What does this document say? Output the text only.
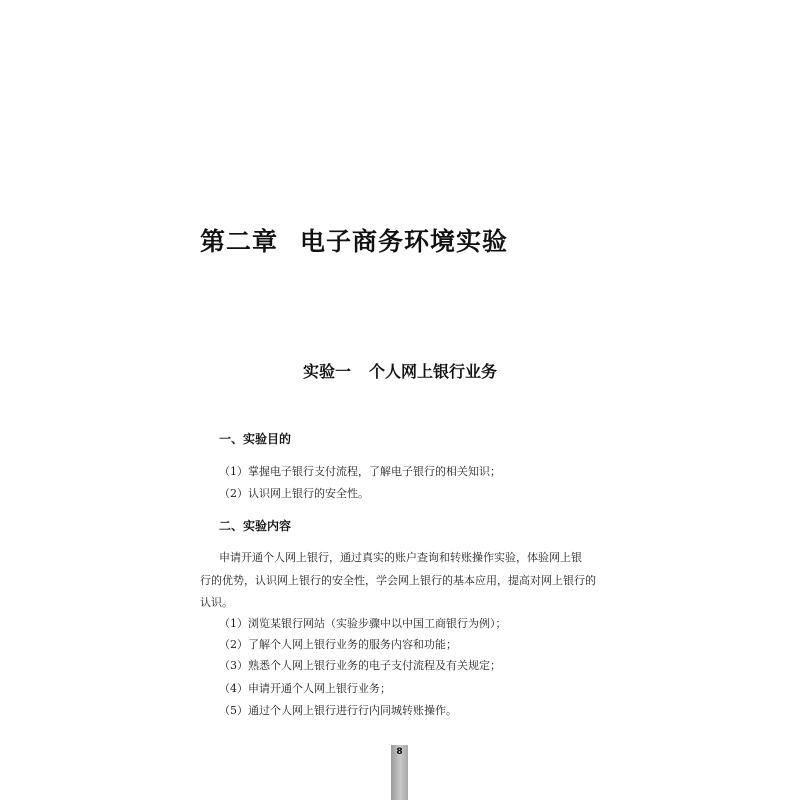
第二章 电子商务环境实验
实验一 个人网上银行业务
一、实验目的

（1）掌握电子银行支付流程，了解电子银行的相关知识；

（2）认识网上银行的安全性。

二、实验内容

申请开通个人网上银行，通过真实的账户查询和转账操作实验，体验网上银

行的优势，认识网上银行的安全性，学会网上银行的基本应用，提高对网上银行的

认识。

（1）浏览某银行网站（实验步骤中以中国工商银行为例）；

（2）了解个人网上银行业务的服务内容和功能；

（3）熟悉个人网上银行业务的电子支付流程及有关规定；

（4）申请开通个人网上银行业务；

（5）通过个人网上银行进行行内同城转账操作。

8
